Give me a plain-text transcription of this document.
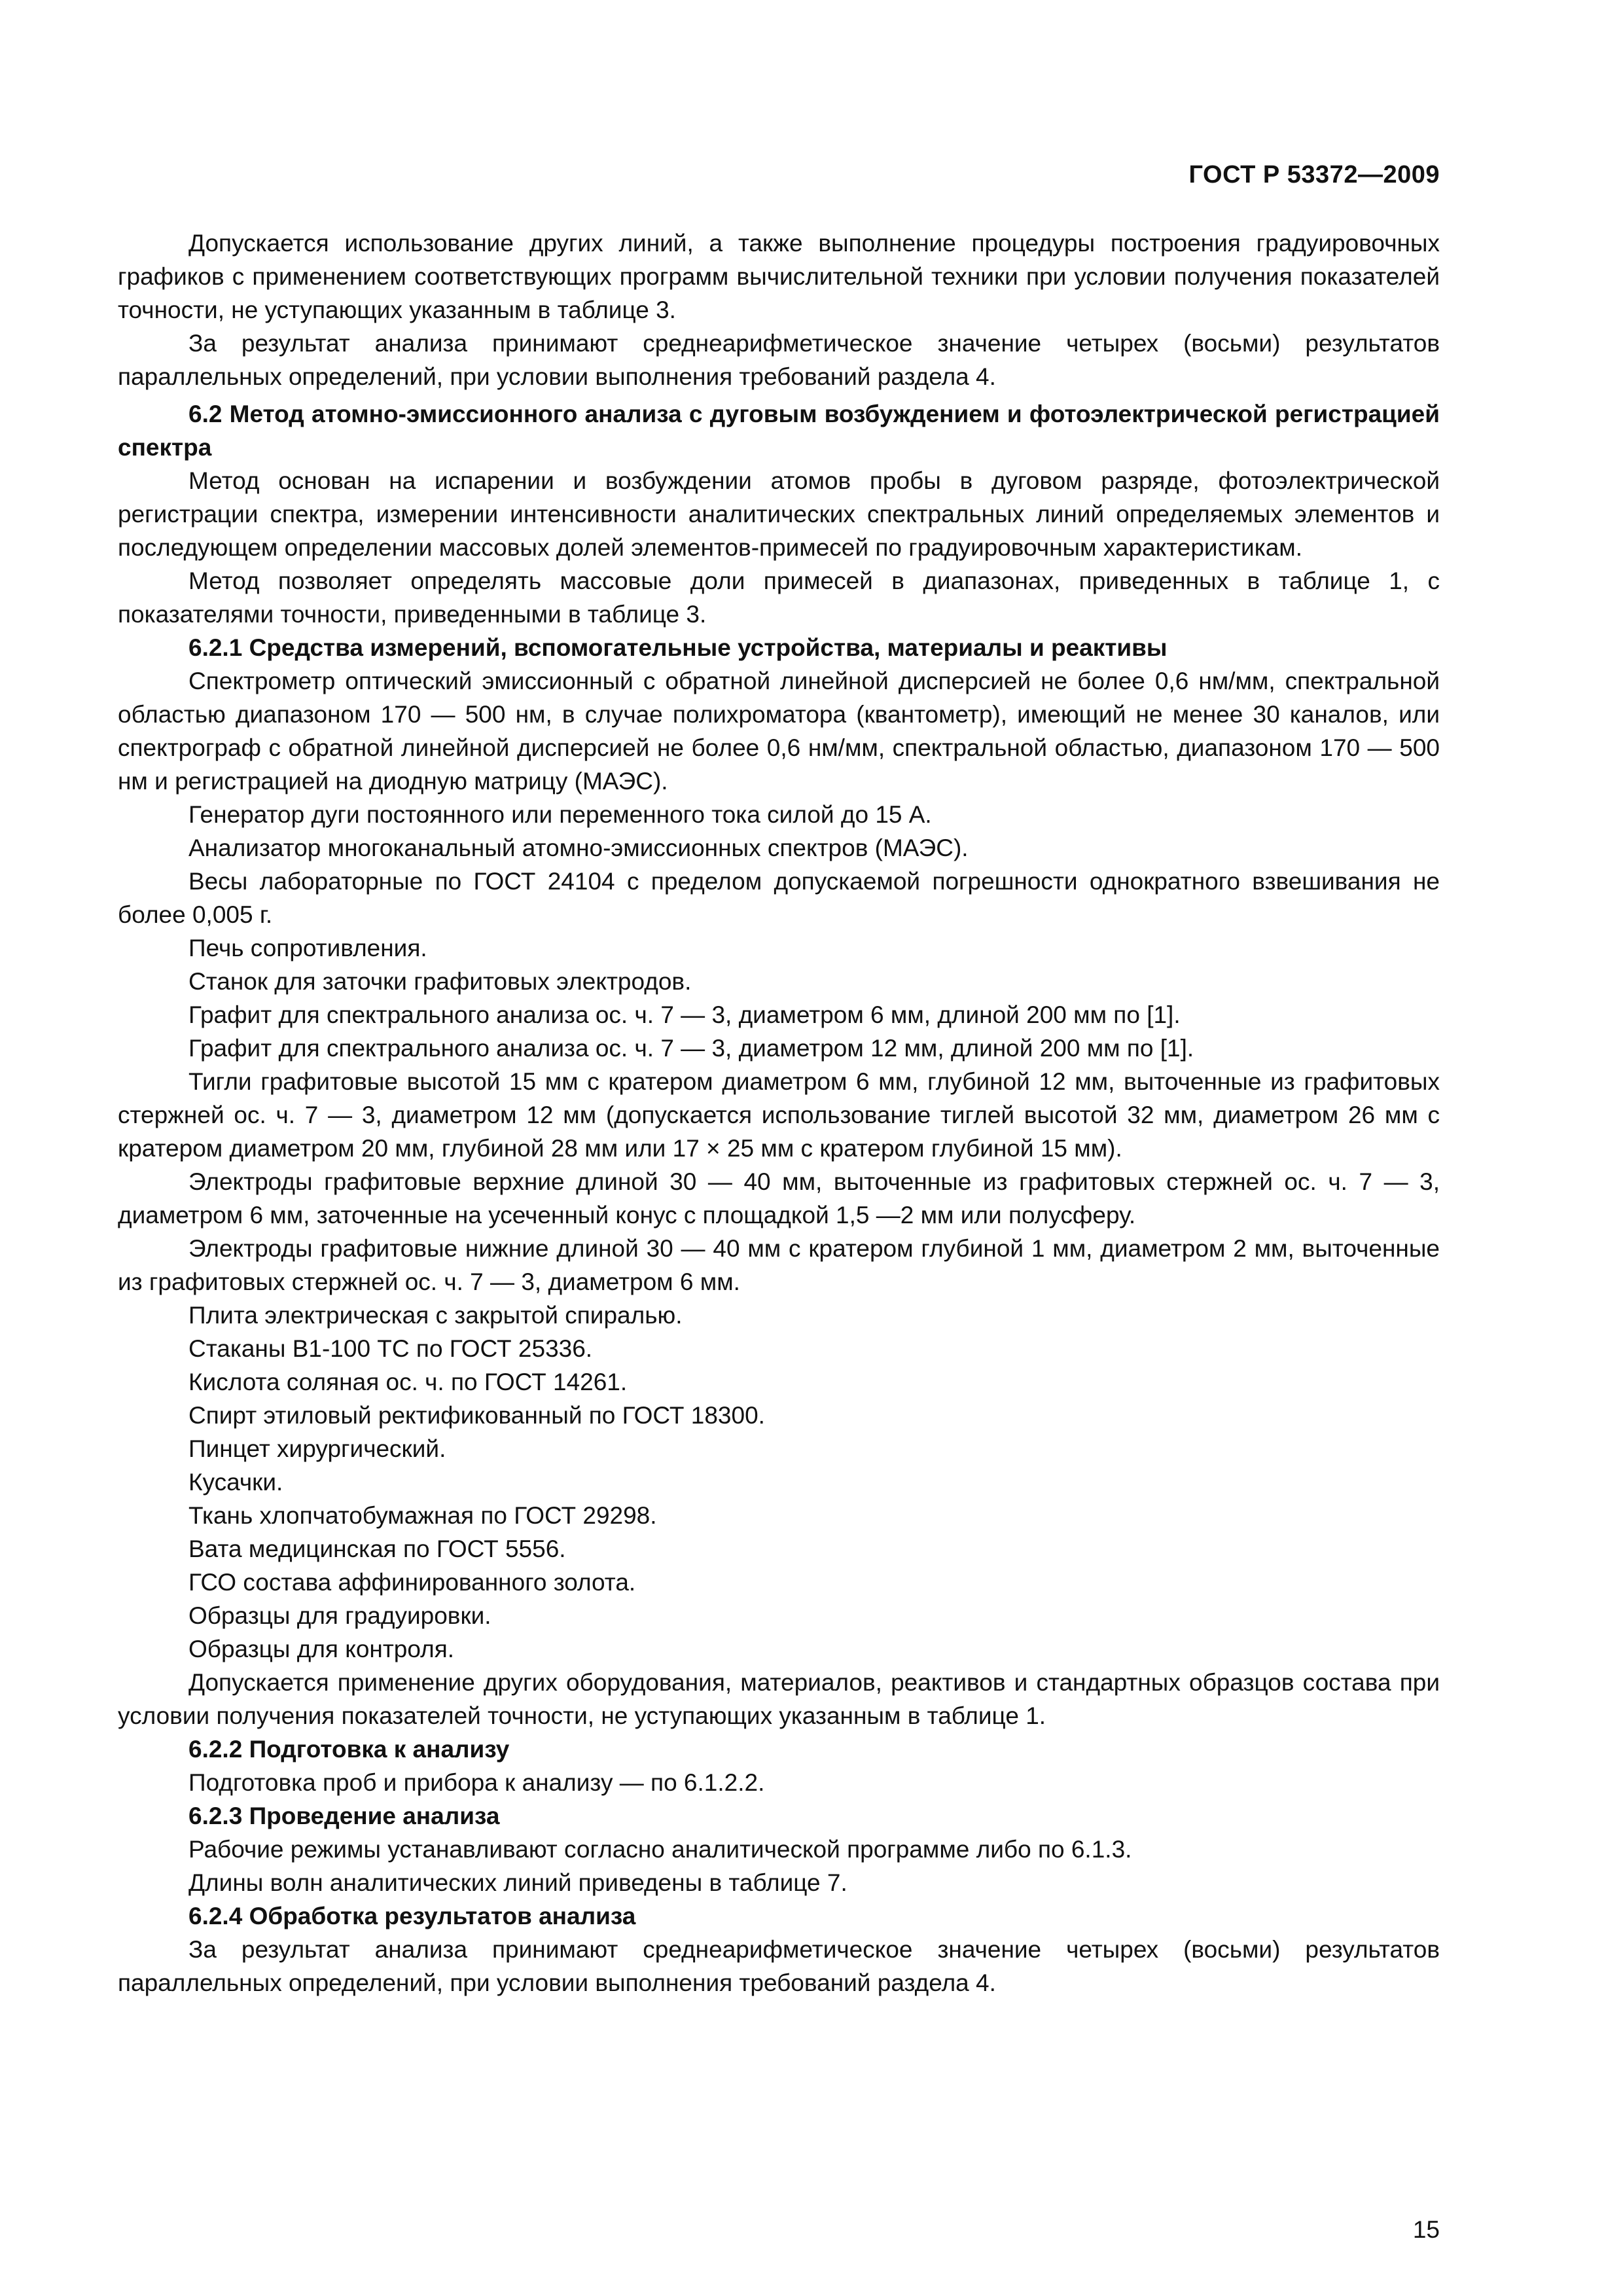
ГОСТ Р 53372—2009

Допускается использование других линий, а также выполнение процедуры построения градуировочных графиков с применением соответствующих программ вычислительной техники при условии получения показателей точности, не уступающих указанным в таблице 3.

За результат анализа принимают среднеарифметическое значение четырех (восьми) результатов параллельных определений, при условии выполнения требований раздела 4.

6.2 Метод атомно-эмиссионного анализа с дуговым возбуждением и фотоэлектрической регистрацией спектра

Метод основан на испарении и возбуждении атомов пробы в дуговом разряде, фотоэлектрической регистрации спектра, измерении интенсивности аналитических спектральных линий определяемых элементов и последующем определении массовых долей элементов-примесей по градуировочным характеристикам.

Метод позволяет определять массовые доли примесей в диапазонах, приведенных в таблице 1, с показателями точности, приведенными в таблице 3.

6.2.1 Средства измерений, вспомогательные устройства, материалы и реактивы

Спектрометр оптический эмиссионный с обратной линейной дисперсией не более 0,6 нм/мм, спектральной областью диапазоном 170 — 500 нм, в случае полихроматора (квантометр), имеющий не менее 30 каналов, или спектрограф с обратной линейной дисперсией не более 0,6 нм/мм, спектральной областью, диапазоном 170 — 500 нм и регистрацией на диодную матрицу (МАЭС).

Генератор дуги постоянного или переменного тока силой до 15 А.

Анализатор многоканальный атомно-эмиссионных спектров (МАЭС).

Весы лабораторные по ГОСТ 24104 с пределом допускаемой погрешности однократного взвешивания не более 0,005 г.

Печь сопротивления.

Станок для заточки графитовых электродов.

Графит для спектрального анализа ос. ч. 7 — 3, диаметром 6 мм, длиной 200 мм по [1].

Графит для спектрального анализа ос. ч. 7 — 3, диаметром 12 мм, длиной 200 мм по [1].

Тигли графитовые высотой 15 мм с кратером диаметром 6 мм, глубиной 12 мм, выточенные из графитовых стержней ос. ч. 7 — 3, диаметром 12 мм (допускается использование тиглей высотой 32 мм, диаметром 26 мм с кратером диаметром 20 мм, глубиной 28 мм или 17 × 25 мм с кратером глубиной 15 мм).

Электроды графитовые верхние длиной 30 — 40 мм, выточенные из графитовых стержней ос. ч. 7 — 3, диаметром 6 мм, заточенные на усеченный конус с площадкой 1,5 —2 мм или полусферу.

Электроды графитовые нижние длиной 30 — 40 мм с кратером глубиной 1 мм, диаметром 2 мм, выточенные из графитовых стержней ос. ч. 7 — 3, диаметром 6 мм.

Плита электрическая с закрытой спиралью.

Стаканы В1-100 ТС по ГОСТ 25336.

Кислота соляная ос. ч. по ГОСТ 14261.

Спирт этиловый ректификованный по ГОСТ 18300.

Пинцет хирургический.

Кусачки.

Ткань хлопчатобумажная по ГОСТ 29298.

Вата медицинская по ГОСТ 5556.

ГСО состава аффинированного золота.

Образцы для градуировки.

Образцы для контроля.

Допускается применение других оборудования, материалов, реактивов и стандартных образцов состава при условии получения показателей точности, не уступающих указанным в таблице 1.

6.2.2 Подготовка к анализу

Подготовка проб и прибора к анализу — по 6.1.2.2.

6.2.3 Проведение анализа

Рабочие режимы устанавливают согласно аналитической программе либо по 6.1.3.

Длины волн аналитических линий приведены в таблице 7.

6.2.4 Обработка результатов анализа

За результат анализа принимают среднеарифметическое значение четырех (восьми) результатов параллельных определений, при условии выполнения требований раздела 4.

15
